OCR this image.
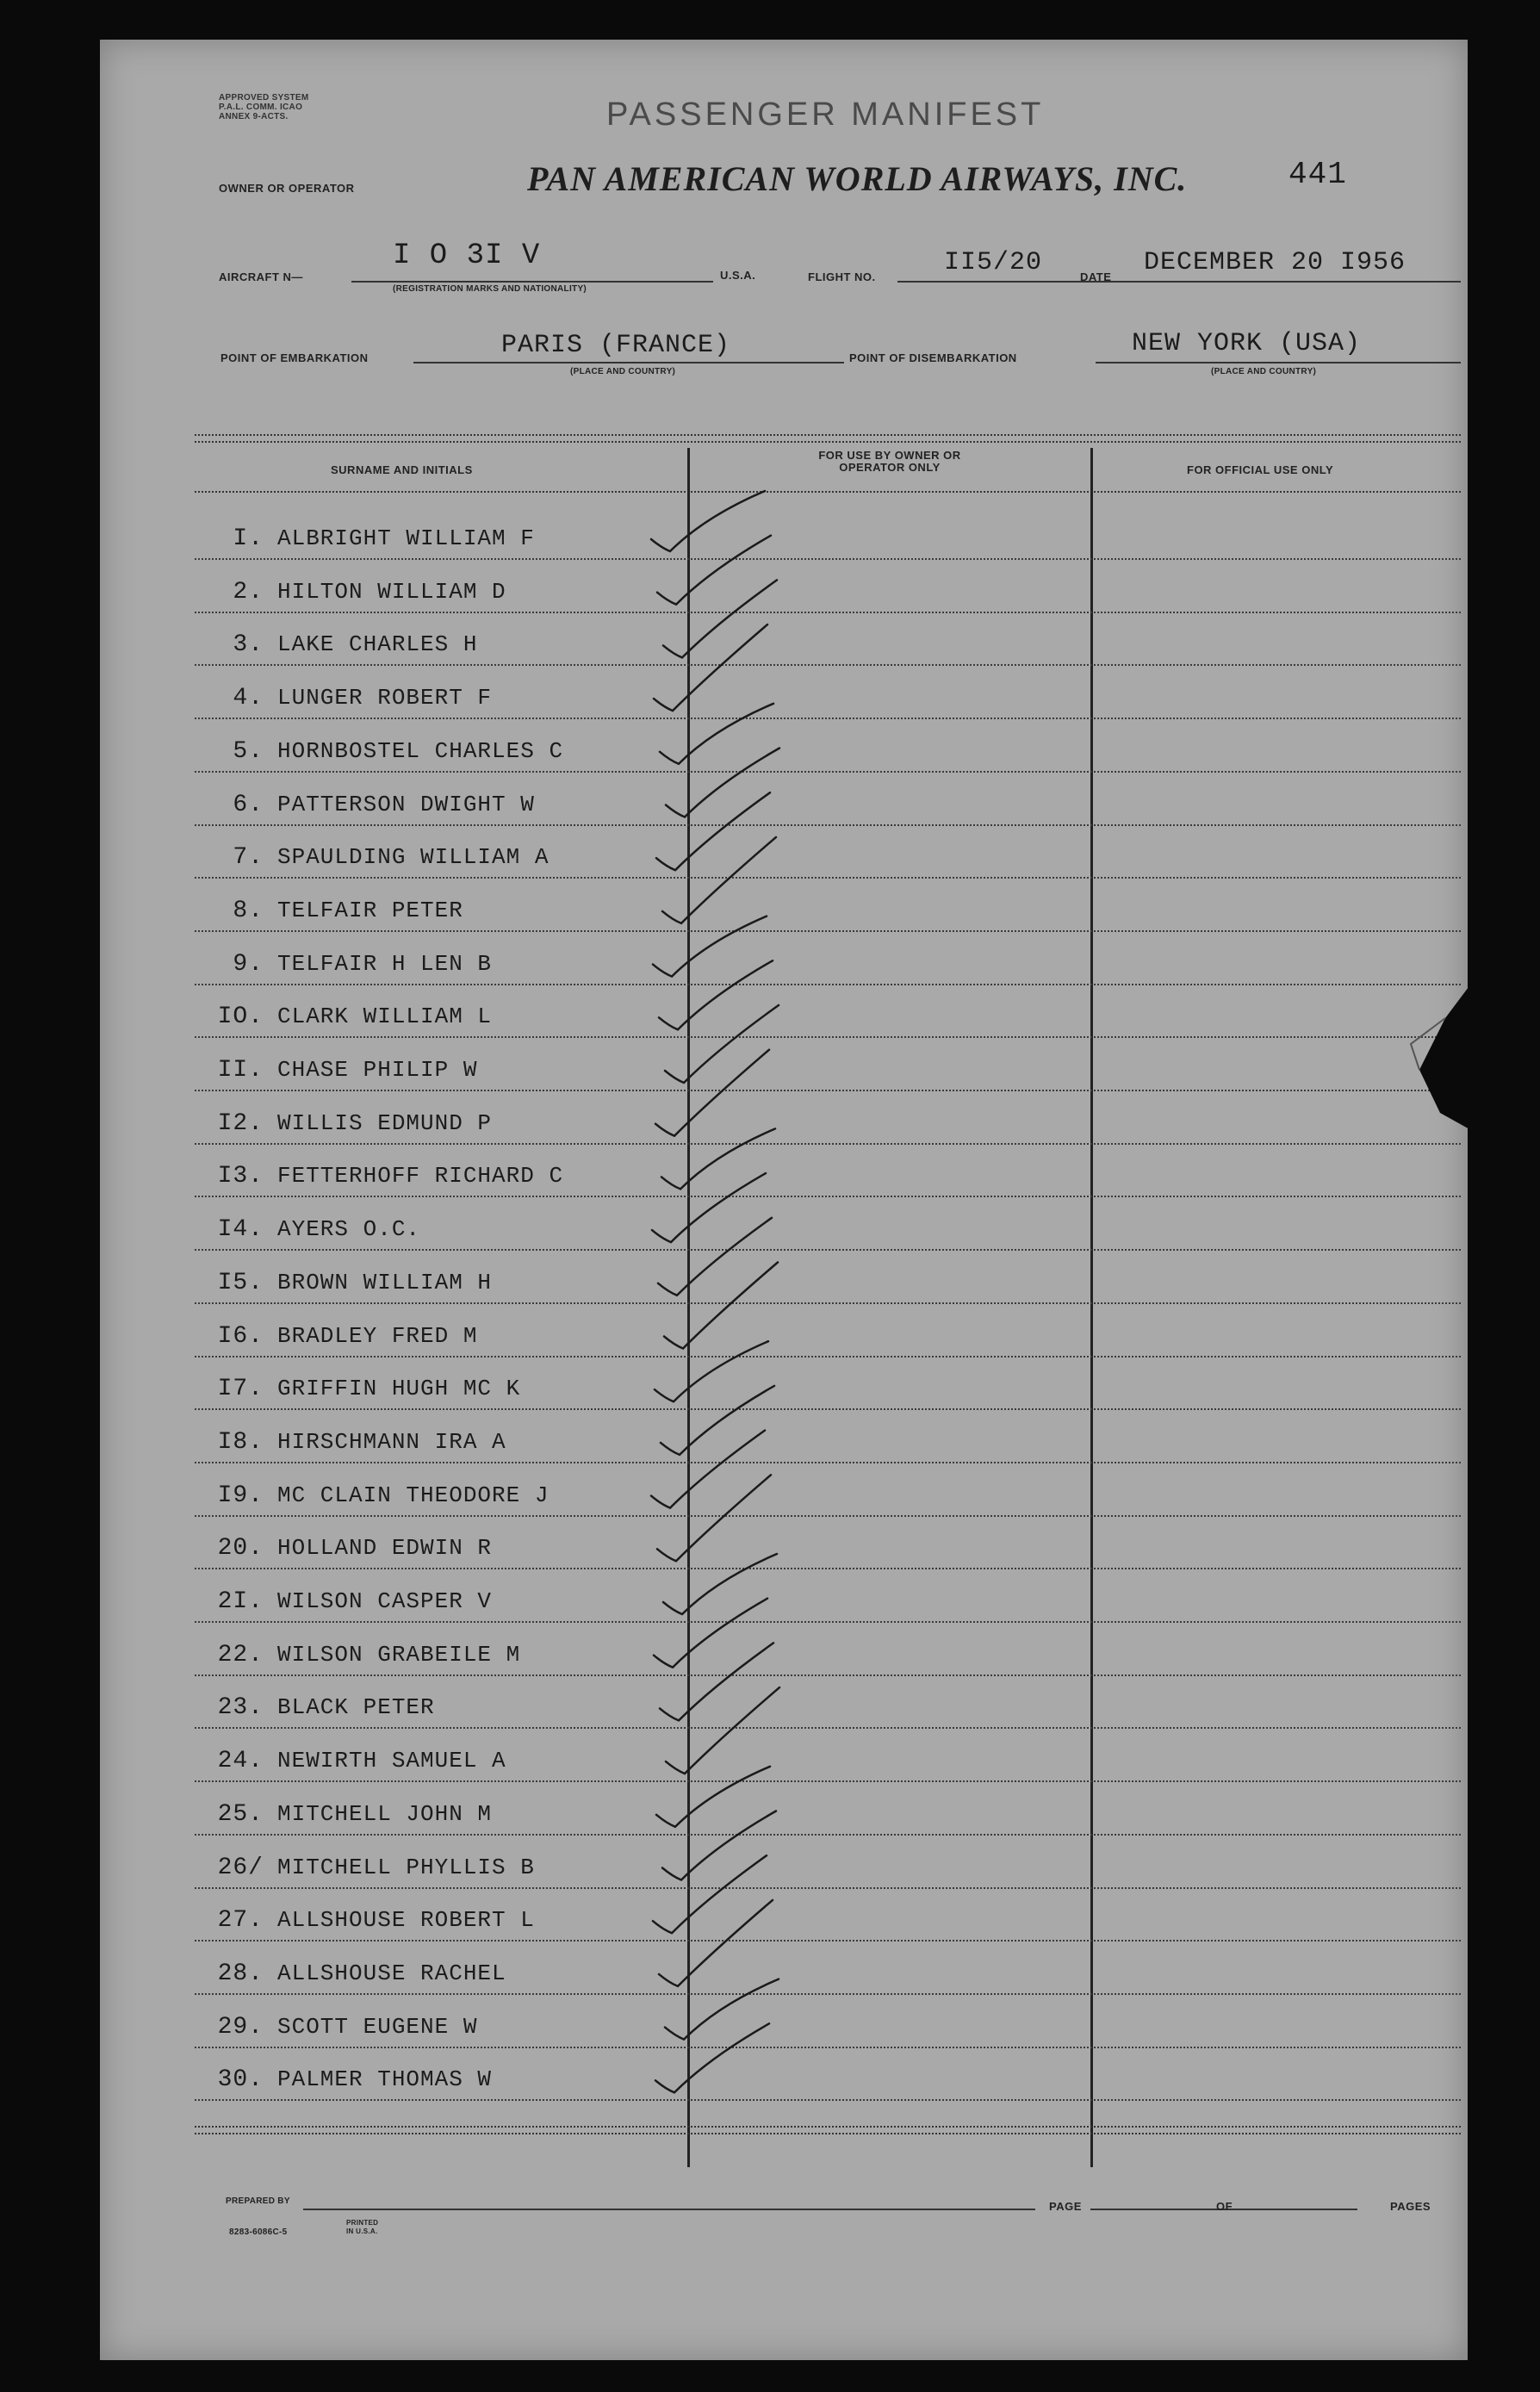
APPROVED SYSTEM P.A.L. COMM. ICAO ANNEX 9-ACTS.	PASSENGER MANIFEST
OWNER OR OPERATOR	PAN AMERICAN WORLD AIRWAYS, INC.	441
AIRCRAFT N—
I O 3I V
(REGISTRATION MARKS AND NATIONALITY)
U.S.A.	FLIGHT NO.	II5/20	DATE DECEMBER 20 I956
POINT OF EMBARKATION	PARIS (FRANCE)
(PLACE AND COUNTRY)
POINT OF DISEMBARKATION	NEW YORK (USA)
(PLACE AND COUNTRY)
SURNAME AND INITIALS
FOR USE BY OWNER OR OPERATOR ONLY	FOR OFFICIAL USE ONLY
I. ALBRIGHT WILLIAM F
2. HILTON WILLIAM D
3. LAKE CHARLES H
4. LUNGER ROBERT F
5. HORNBOSTEL CHARLES C
6. PATTERSON DWIGHT W
7. SPAULDING WILLIAM A
8. TELFAIR PETER
9. TELFAIR H LEN B
IO. CLARK WILLIAM L
II. CHASE PHILIP W
I2. WILLIS EDMUND P
I3. FETTERHOFF RICHARD C
I4. AYERS O.C.
I5. BROWN WILLIAM H
I6. BRADLEY FRED M
I7. GRIFFIN HUGH MC K
I8. HIRSCHMANN IRA A
I9. MC CLAIN THEODORE J
20. HOLLAND EDWIN R
2I. WILSON CASPER V
22. WILSON GRABEILE M
23. BLACK PETER
24. NEWIRTH SAMUEL A
25. MITCHELL JOHN M
26/ MITCHELL PHYLLIS B
27. ALLSHOUSE ROBERT L
28. ALLSHOUSE RACHEL
29. SCOTT EUGENE W
30. PALMER THOMAS W
PREPARED BY
8283-6086C-5
PRINTED IN U.S.A.
PAGE	OF	PAGES
